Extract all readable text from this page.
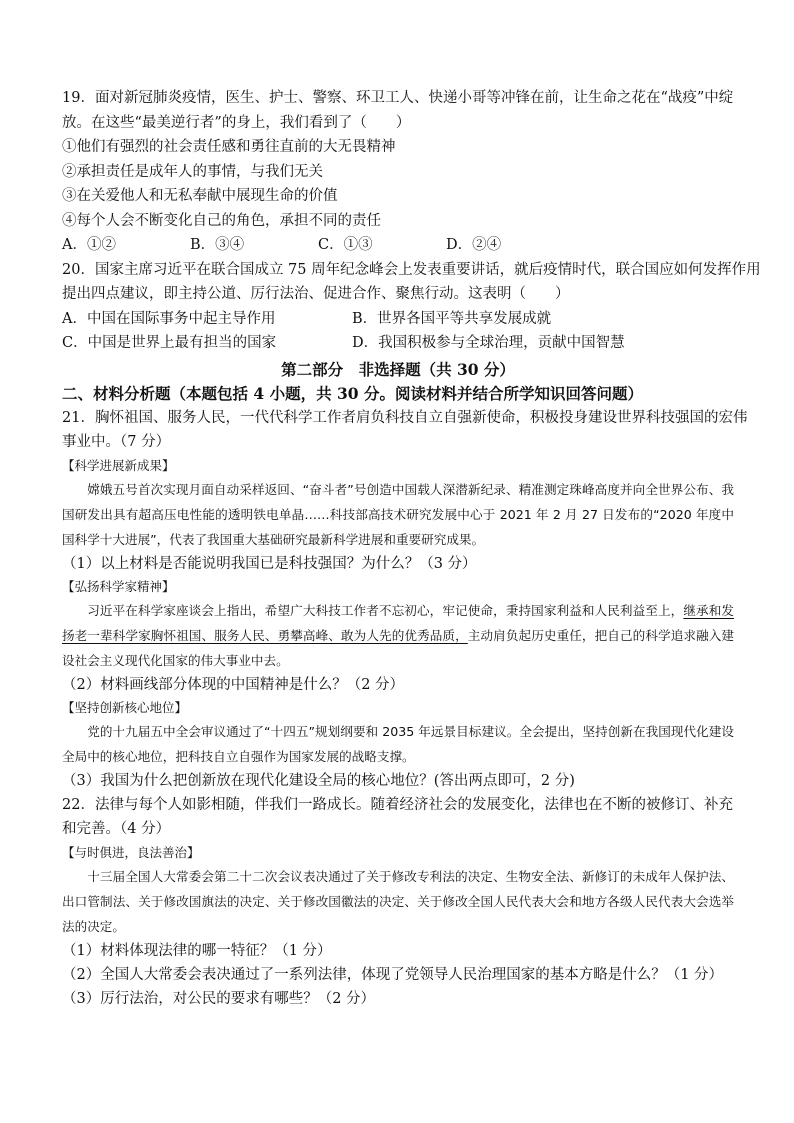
19．面对新冠肺炎疫情，医生、护士、警察、环卫工人、快递小哥等冲锋在前，让生命之花在“战疫”中绽
放。在这些“最美逆行者”的身上，我们看到了（　　）
①他们有强烈的社会责任感和勇往直前的大无畏精神
②承担责任是成年人的事情，与我们无关
③在关爱他人和无私奉献中展现生命的价值
④每个人会不断变化自己的角色，承担不同的责任
A．①②	B．③④	C．①③	D．②④
20．国家主席习近平在联合国成立 75 周年纪念峰会上发表重要讲话，就后疫情时代，联合国应如何发挥作用
提出四点建议，即主持公道、厉行法治、促进合作、聚焦行动。这表明（　　）
A．中国在国际事务中起主导作用	B．世界各国平等共享发展成就
C．中国是世界上最有担当的国家	D．我国积极参与全球治理，贡献中国智慧
第二部分　非选择题（共 30 分）
二、材料分析题（本题包括 4 小题，共 30 分。阅读材料并结合所学知识回答问题）
21．胸怀祖国、服务人民，一代代科学工作者肩负科技自立自强新使命，积极投身建设世界科技强国的宏伟
事业中。（7 分）
【科学进展新成果】
嫦娥五号首次实现月面自动采样返回、“奋斗者”号创造中国载人深潜新纪录、精准测定珠峰高度并向全世界公布、我国研发出具有超高压电性能的透明铁电单晶……科技部高技术研究发展中心于 2021 年 2 月 27 日发布的“2020 年度中国科学十大进展”，代表了我国重大基础研究最新科学进展和重要研究成果。
（1）以上材料是否能说明我国已是科技强国？为什么？（3 分）
【弘扬科学家精神】
习近平在科学家座谈会上指出，希望广大科技工作者不忘初心，牢记使命，秉持国家利益和人民利益至上，继承和发扬老一辈科学家胸怀祖国、服务人民、勇攀高峰、敢为人先的优秀品质，主动肩负起历史重任，把自己的科学追求融入建设社会主义现代化国家的伟大事业中去。
（2）材料画线部分体现的中国精神是什么？（2 分）
【坚持创新核心地位】
党的十九届五中全会审议通过了“十四五”规划纲要和 2035 年远景目标建议。全会提出，坚持创新在我国现代化建设全局中的核心地位，把科技自立自强作为国家发展的战略支撑。
（3）我国为什么把创新放在现代化建设全局的核心地位？(答出两点即可，2 分)
22．法律与每个人如影相随，伴我们一路成长。随着经济社会的发展变化，法律也在不断的被修订、补充
和完善。（4 分）
【与时俱进，良法善治】
十三届全国人大常委会第二十二次会议表决通过了关于修改专利法的决定、生物安全法、新修订的未成年人保护法、出口管制法、关于修改国旗法的决定、关于修改国徽法的决定、关于修改全国人民代表大会和地方各级人民代表大会选举法的决定。
（1）材料体现法律的哪一特征？（1 分）
（2）全国人大常委会表决通过了一系列法律，体现了党领导人民治理国家的基本方略是什么？（1 分）
（3）厉行法治，对公民的要求有哪些？（2 分）
